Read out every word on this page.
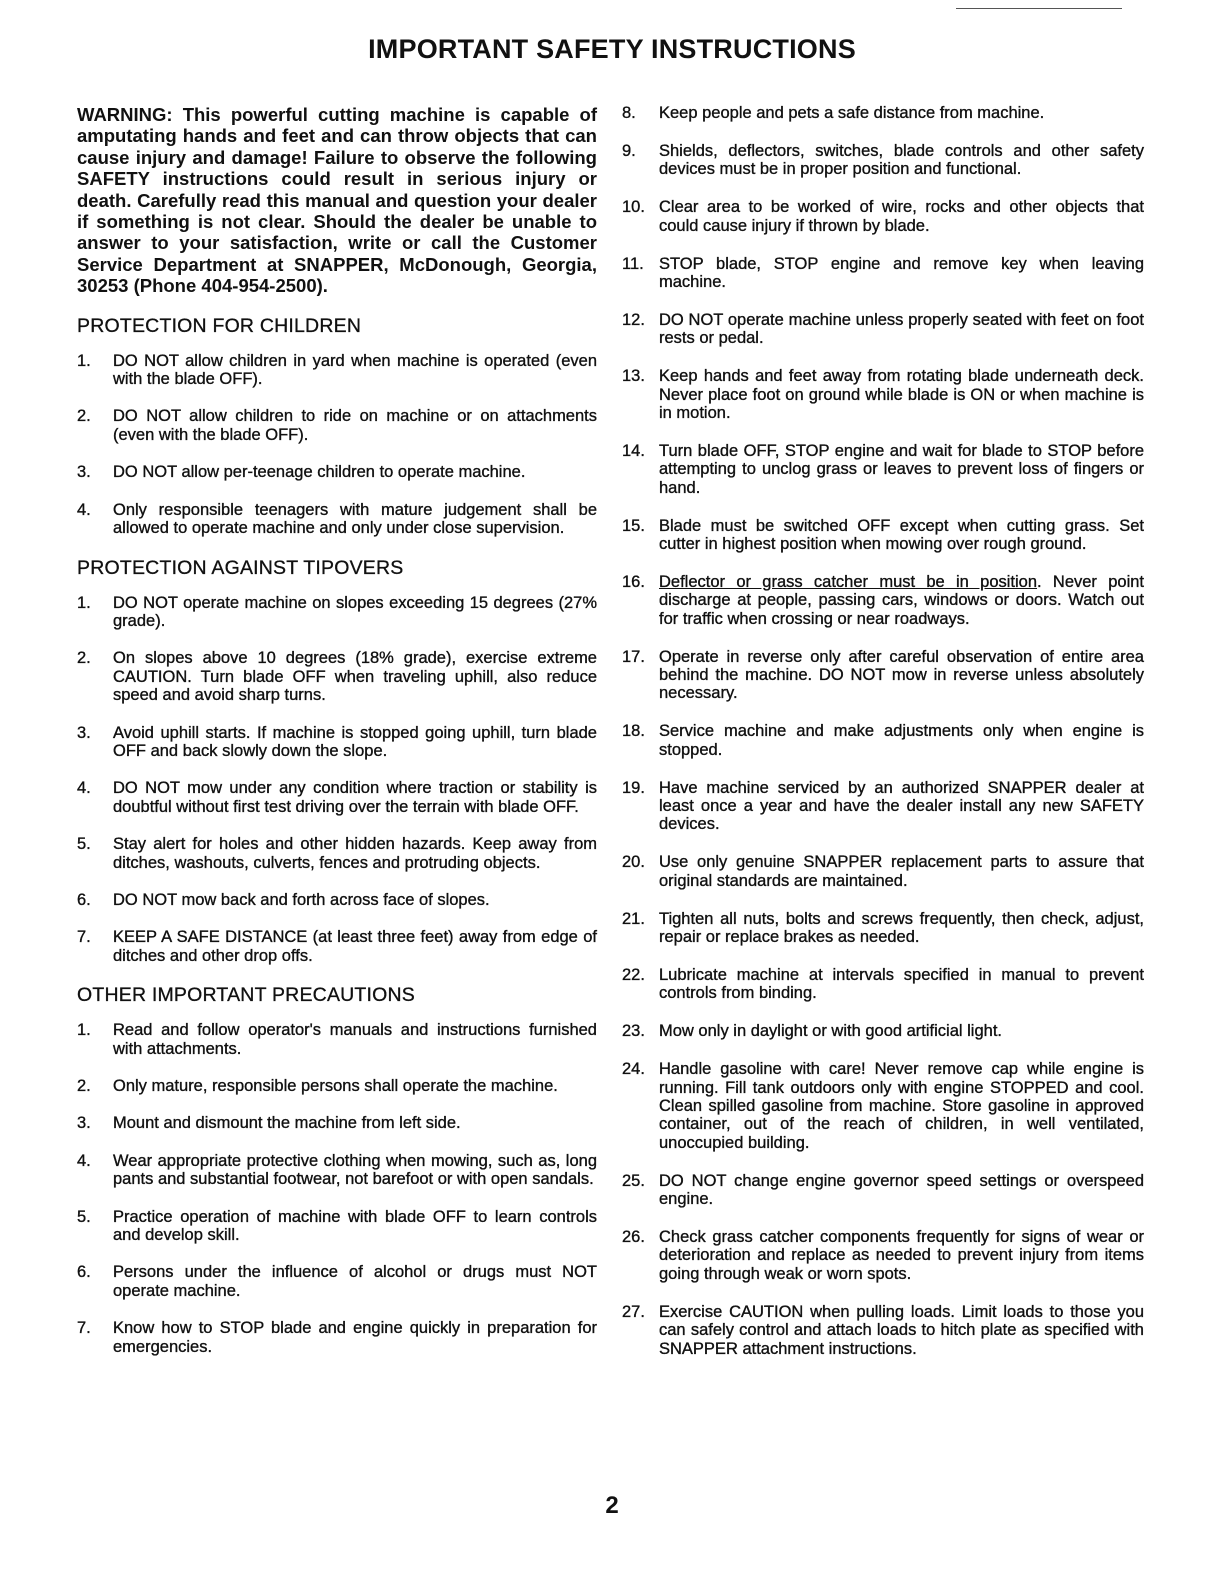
IMPORTANT SAFETY INSTRUCTIONS

WARNING: This powerful cutting machine is capable of amputating hands and feet and can throw objects that can cause injury and damage! Failure to observe the following SAFETY instructions could result in serious injury or death. Carefully read this manual and question your dealer if something is not clear. Should the dealer be unable to answer to your satisfaction, write or call the Customer Service Department at SNAPPER, McDonough, Georgia, 30253 (Phone 404-954-2500).

PROTECTION FOR CHILDREN
1.	DO NOT allow children in yard when machine is operated (even with the blade OFF).
2.	DO NOT allow children to ride on machine or on attachments (even with the blade OFF).
3.	DO NOT allow per-teenage children to operate machine.
4.	Only responsible teenagers with mature judgement shall be allowed to operate machine and only under close supervision.
PROTECTION AGAINST TIPOVERS
1.	DO NOT operate machine on slopes exceeding 15 degrees (27% grade).
2.	On slopes above 10 degrees (18% grade), exercise extreme CAUTION. Turn blade OFF when traveling uphill, also reduce speed and avoid sharp turns.
3.	Avoid uphill starts. If machine is stopped going uphill, turn blade OFF and back slowly down the slope.
4.	DO NOT mow under any condition where traction or stability is doubtful without first test driving over the terrain with blade OFF.
5.	Stay alert for holes and other hidden hazards. Keep away from ditches, washouts, culverts, fences and protruding objects.
6.	DO NOT mow back and forth across face of slopes.
7.	KEEP A SAFE DISTANCE (at least three feet) away from edge of ditches and other drop offs.
OTHER IMPORTANT PRECAUTIONS
1.	Read and follow operator's manuals and instructions furnished with attachments.
2.	Only mature, responsible persons shall operate the machine.
3.	Mount and dismount the machine from left side.
4.	Wear appropriate protective clothing when mowing, such as, long pants and substantial footwear, not barefoot or with open sandals.
5.	Practice operation of machine with blade OFF to learn controls and develop skill.
6.	Persons under the influence of alcohol or drugs must NOT operate machine.
7.	Know how to STOP blade and engine quickly in preparation for emergencies.
8.	Keep people and pets a safe distance from machine.
9.	Shields, deflectors, switches, blade controls and other safety devices must be in proper position and functional.
10. Clear area to be worked of wire, rocks and other objects that could cause injury if thrown by blade.
11. STOP blade, STOP engine and remove key when leaving machine.
12. DO NOT operate machine unless properly seated with feet on foot rests or pedal.
13. Keep hands and feet away from rotating blade underneath deck. Never place foot on ground while blade is ON or when machine is in motion.
14. Turn blade OFF, STOP engine and wait for blade to STOP before attempting to unclog grass or leaves to prevent loss of fingers or hand.
15. Blade must be switched OFF except when cutting grass. Set cutter in highest position when mowing over rough ground.
16. Deflector or grass catcher must be in position. Never point discharge at people, passing cars, windows or doors. Watch out for traffic when crossing or near roadways.
17. Operate in reverse only after careful observation of entire area behind the machine. DO NOT mow in reverse unless absolutely necessary.
18. Service machine and make adjustments only when engine is stopped.
19. Have machine serviced by an authorized SNAPPER dealer at least once a year and have the dealer install any new SAFETY devices.
20. Use only genuine SNAPPER replacement parts to assure that original standards are maintained.
21. Tighten all nuts, bolts and screws frequently, then check, adjust, repair or replace brakes as needed.
22. Lubricate machine at intervals specified in manual to prevent controls from binding.
23. Mow only in daylight or with good artificial light.
24. Handle gasoline with care! Never remove cap while engine is running. Fill tank outdoors only with engine STOPPED and cool. Clean spilled gasoline from machine. Store gasoline in approved container, out of the reach of children, in well ventilated, unoccupied building.
25. DO NOT change engine governor speed settings or overspeed engine.
26. Check grass catcher components frequently for signs of wear or deterioration and replace as needed to prevent injury from items going through weak or worn spots.
27. Exercise CAUTION when pulling loads. Limit loads to those you can safely control and attach loads to hitch plate as specified with SNAPPER attachment instructions.
2
